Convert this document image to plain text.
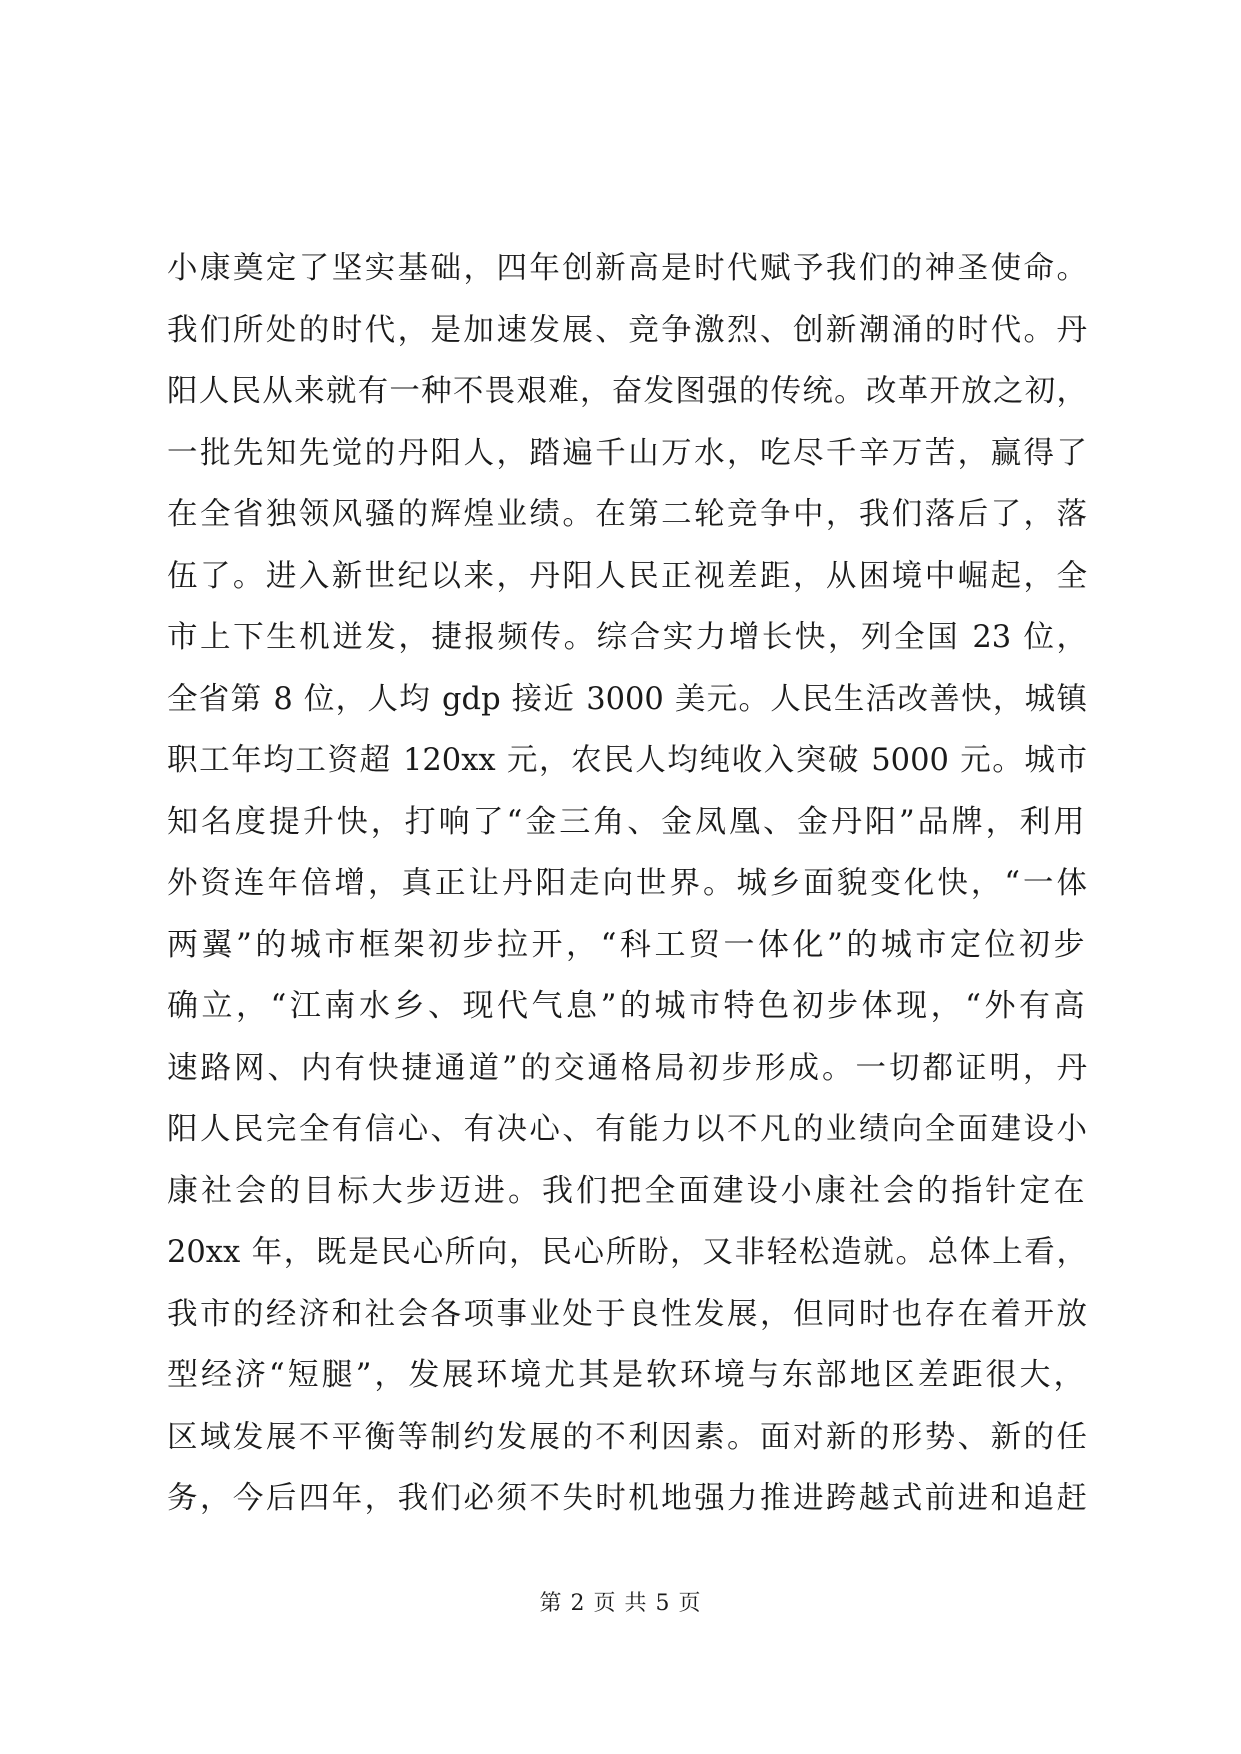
小康奠定了坚实基础，四年创新高是时代赋予我们的神圣使命。
我们所处的时代，是加速发展、竞争激烈、创新潮涌的时代。丹
阳人民从来就有一种不畏艰难，奋发图强的传统。改革开放之初，
一批先知先觉的丹阳人，踏遍千山万水，吃尽千辛万苦，赢得了
在全省独领风骚的辉煌业绩。在第二轮竞争中，我们落后了，落
伍了。进入新世纪以来，丹阳人民正视差距，从困境中崛起，全
市上下生机迸发，捷报频传。综合实力增长快，列全国 23 位，
全省第 8 位，人均 gdp 接近 3000 美元。人民生活改善快，城镇
职工年均工资超 120xx 元，农民人均纯收入突破 5000 元。城市
知名度提升快，打响了“金三角、金凤凰、金丹阳”品牌，利用
外资连年倍增，真正让丹阳走向世界。城乡面貌变化快，“一体
两翼”的城市框架初步拉开，“科工贸一体化”的城市定位初步
确立，“江南水乡、现代气息”的城市特色初步体现，“外有高
速路网、内有快捷通道”的交通格局初步形成。一切都证明，丹
阳人民完全有信心、有决心、有能力以不凡的业绩向全面建设小
康社会的目标大步迈进。我们把全面建设小康社会的指针定在
20xx 年，既是民心所向，民心所盼，又非轻松造就。总体上看，
我市的经济和社会各项事业处于良性发展，但同时也存在着开放
型经济“短腿”，发展环境尤其是软环境与东部地区差距很大，
区域发展不平衡等制约发展的不利因素。面对新的形势、新的任
务，今后四年，我们必须不失时机地强力推进跨越式前进和追赶
第 2 页 共 5 页
